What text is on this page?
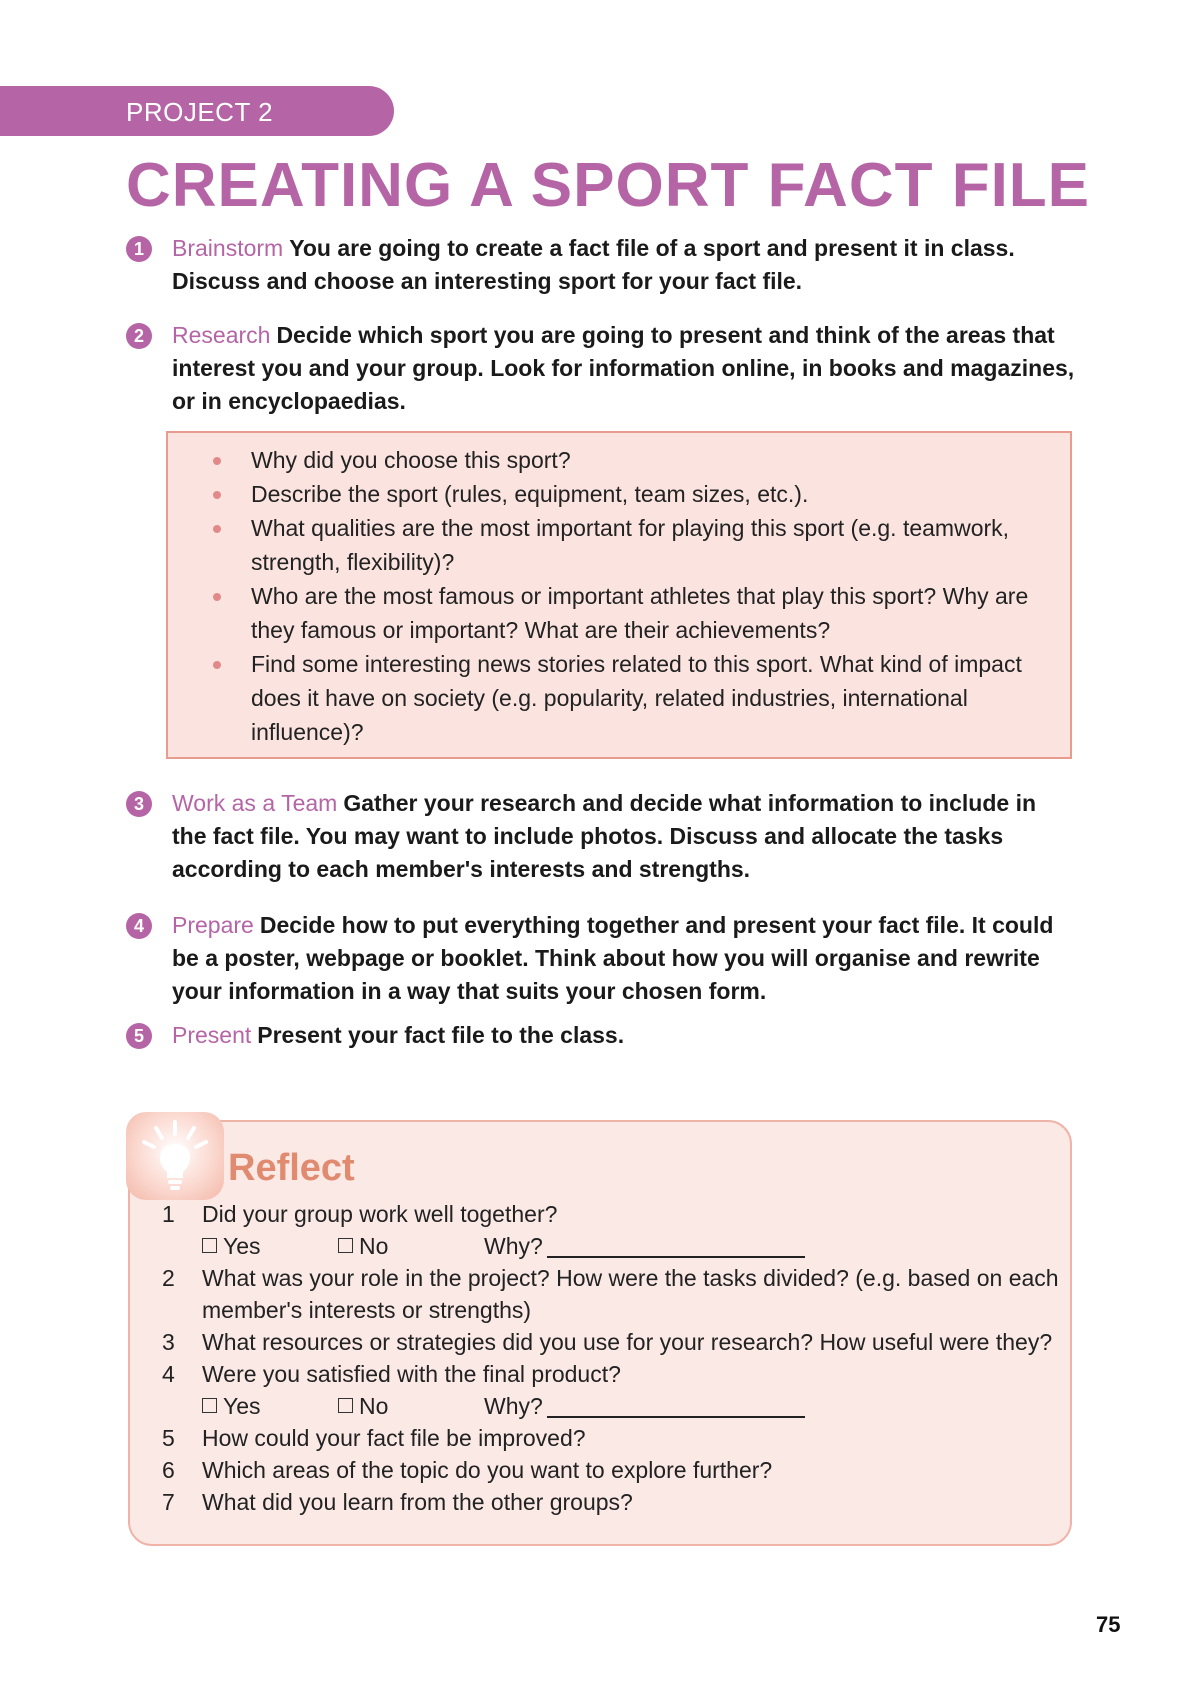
PROJECT 2
CREATING A SPORT FACT FILE
1	Brainstorm You are going to create a fact file of a sport and present it in class. Discuss and choose an interesting sport for your fact file.
2	Research Decide which sport you are going to present and think of the areas that interest you and your group. Look for information online, in books and magazines, or in encyclopaedias.
Why did you choose this sport?
Describe the sport (rules, equipment, team sizes, etc.).
What qualities are the most important for playing this sport (e.g. teamwork, strength, flexibility)?
Who are the most famous or important athletes that play this sport? Why are they famous or important? What are their achievements?
Find some interesting news stories related to this sport. What kind of impact does it have on society (e.g. popularity, related industries, international influence)?
3	Work as a Team Gather your research and decide what information to include in the fact file. You may want to include photos. Discuss and allocate the tasks according to each member's interests and strengths.
4	Prepare Decide how to put everything together and present your fact file. It could be a poster, webpage or booklet. Think about how you will organise and rewrite your information in a way that suits your chosen form.
5	Present Present your fact file to the class.
Reflect
1 Did your group work well together?
Yes	No	Why?
2 What was your role in the project? How were the tasks divided? (e.g. based on each member's interests or strengths)
3 What resources or strategies did you use for your research? How useful were they?
4 Were you satisfied with the final product?
Yes	No	Why?
5 How could your fact file be improved?
6 Which areas of the topic do you want to explore further?
7 What did you learn from the other groups?
75
